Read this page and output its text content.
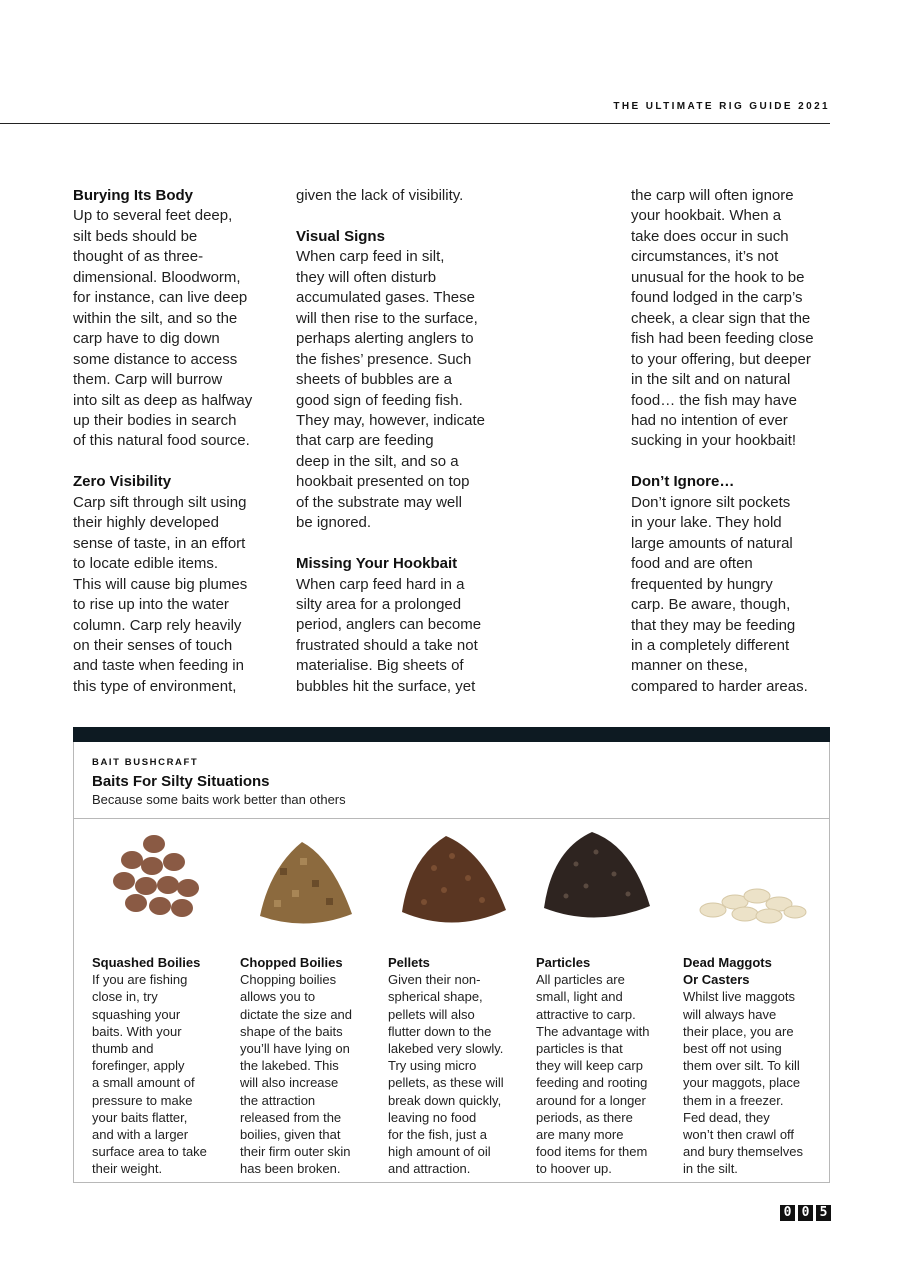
THE ULTIMATE RIG GUIDE 2021
Burying Its Body

Up to several feet deep,
silt beds should be
thought of as three-
dimensional. Bloodworm,
for instance, can live deep
within the silt, and so the
carp have to dig down
some distance to access
them. Carp will burrow
into silt as deep as halfway
up their bodies in search
of this natural food source.

Zero Visibility

Carp sift through silt using
their highly developed
sense of taste, in an effort
to locate edible items.
This will cause big plumes
to rise up into the water
column. Carp rely heavily
on their senses of touch
and taste when feeding in
this type of environment,

given the lack of visibility.

Visual Signs

When carp feed in silt,
they will often disturb
accumulated gases. These
will then rise to the surface,
perhaps alerting anglers to
the fishes’ presence. Such
sheets of bubbles are a
good sign of feeding fish.
They may, however, indicate
that carp are feeding
deep in the silt, and so a
hookbait presented on top
of the substrate may well
be ignored.

Missing Your Hookbait

When carp feed hard in a
silty area for a prolonged
period, anglers can become
frustrated should a take not
materialise. Big sheets of
bubbles hit the surface, yet

the carp will often ignore
your hookbait. When a
take does occur in such
circumstances, it’s not
unusual for the hook to be
found lodged in the carp’s
cheek, a clear sign that the
fish had been feeding close
to your offering, but deeper
in the silt and on natural
food… the fish may have
had no intention of ever
sucking in your hookbait!

Don’t Ignore…

Don’t ignore silt pockets
in your lake. They hold
large amounts of natural
food and are often
frequented by hungry
carp. Be aware, though,
that they may be feeding
in a completely different
manner on these,
compared to harder areas.

BAIT BUSHCRAFT
Baits For Silty Situations
Because some baits work better than others
Squashed Boilies

If you are fishing
close in, try
squashing your
baits. With your
thumb and
forefinger, apply
a small amount of
pressure to make
your baits flatter,
and with a larger
surface area to take
their weight.

Chopped Boilies

Chopping boilies
allows you to
dictate the size and
shape of the baits
you’ll have lying on
the lakebed. This
will also increase
the attraction
released from the
boilies, given that
their firm outer skin
has been broken.

Pellets

Given their non-
spherical shape,
pellets will also
flutter down to the
lakebed very slowly.
Try using micro
pellets, as these will
break down quickly,
leaving no food
for the fish, just a
high amount of oil
and attraction.

Particles

All particles are
small, light and
attractive to carp.
The advantage with
particles is that
they will keep carp
feeding and rooting
around for a longer
periods, as there
are many more
food items for them
to hoover up.

Dead Maggots
Or Casters

Whilst live maggots
will always have
their place, you are
best off not using
them over silt. To kill
your maggots, place
them in a freezer.
Fed dead, they
won’t then crawl off
and bury themselves
in the silt.

0 0 5
